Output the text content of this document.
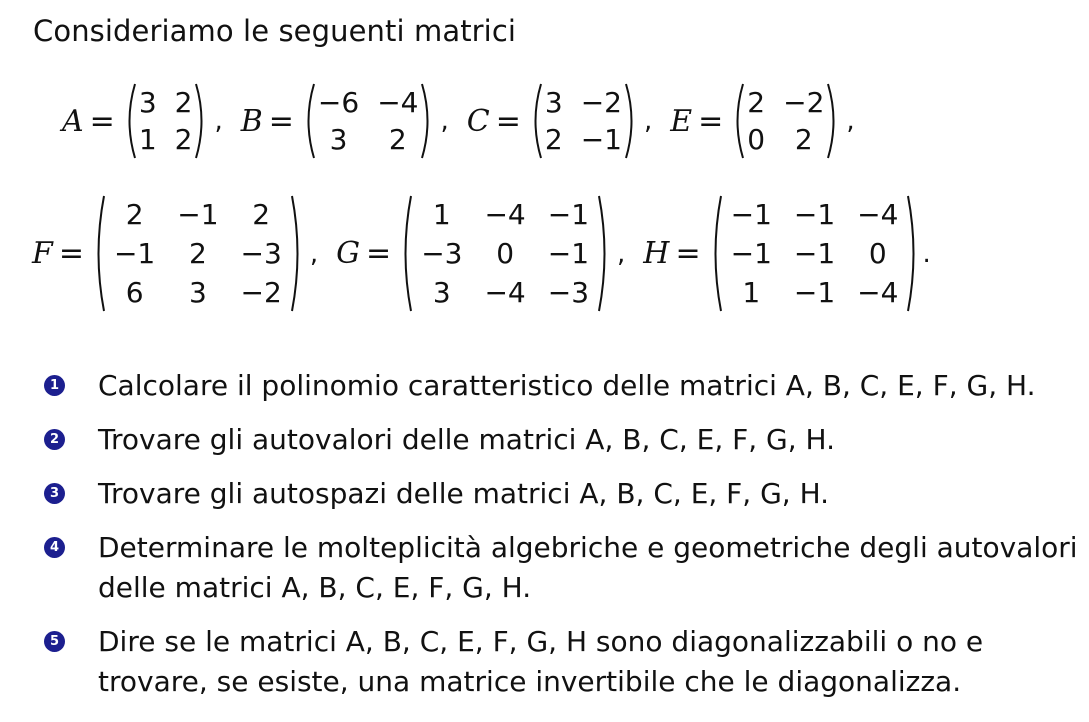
Consideriamo le seguenti matrici
A =
3 2
1 2
, B =
−6 −4
3	2
, C =
3 −2
2 −1
, E =
2 −2
0	2
,
F =
2	−1	2
−1	2	−3
6	3	−2
, G =
1	−4 −1
−3	0	−1
3	−4 −3
, H =
−1 −1 −4
−1 −1	0
1	−1 −4
.
1 Calcolare il polinomio caratteristico delle matrici A, B, C, E, F, G, H.
2 Trovare gli autovalori delle matrici A, B, C, E, F, G, H.
3 Trovare gli autospazi delle matrici A, B, C, E, F, G, H.
4 Determinare le molteplicità algebriche e geometriche degli autovalori delle matrici A, B, C, E, F, G, H.
5 Dire se le matrici A, B, C, E, F, G, H sono diagonalizzabili o no e trovare, se esiste, una matrice invertibile che le diagonalizza.
